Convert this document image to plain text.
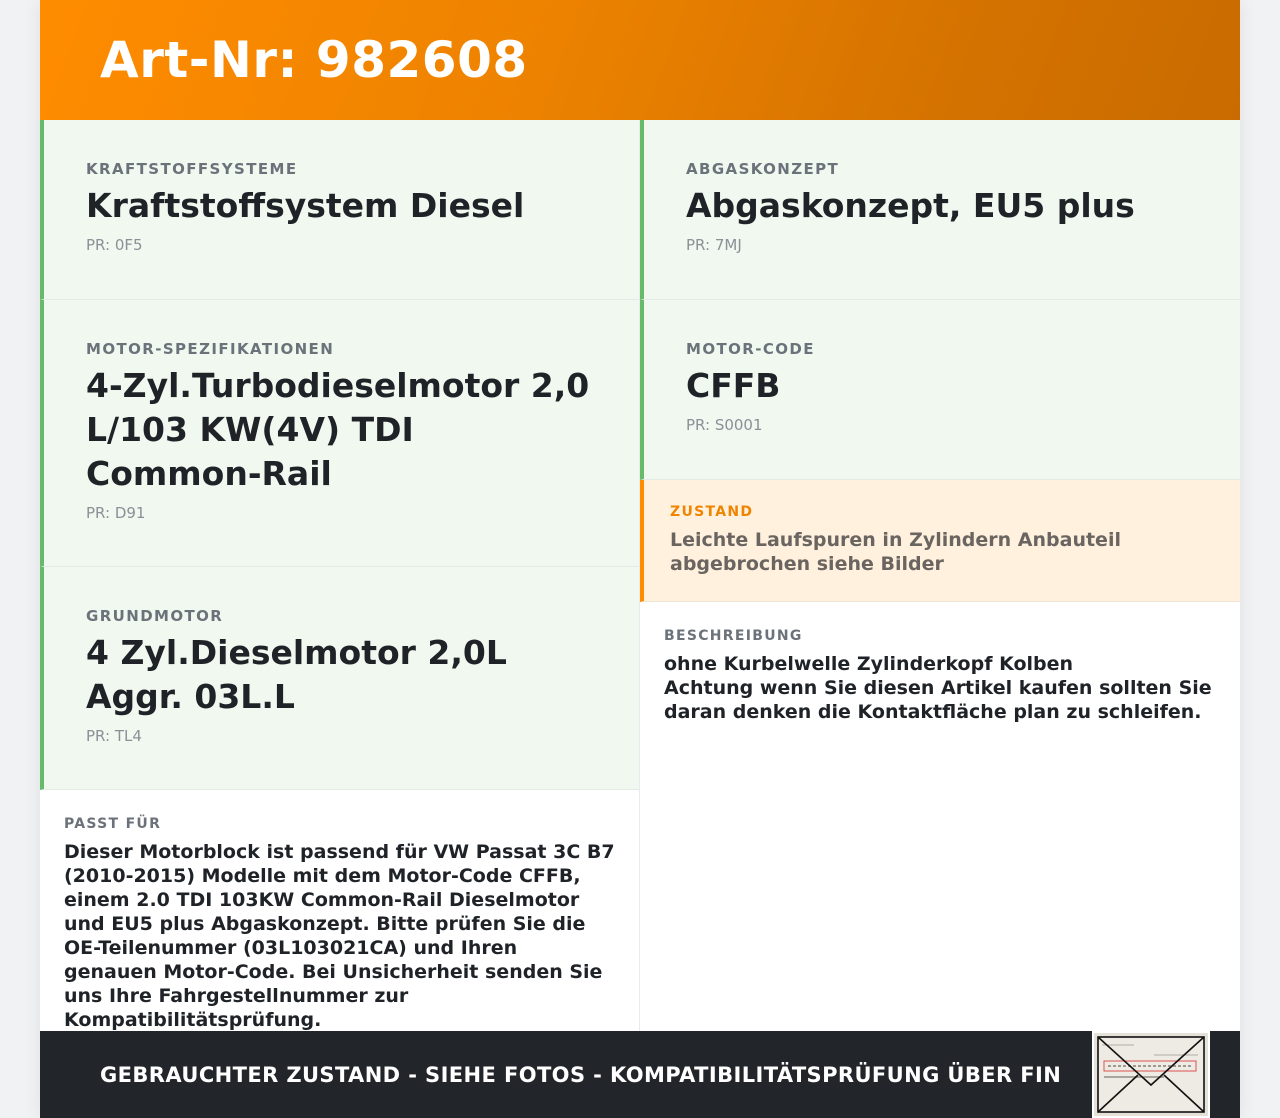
Art-Nr: 982608
KRAFTSTOFFSYSTEME
Kraftstoffsystem Diesel
PR: 0F5
MOTOR-SPEZIFIKATIONEN
4-Zyl.Turbodieselmotor 2,0 L/103 KW(4V) TDI Common-Rail
PR: D91
GRUNDMOTOR
4 Zyl.Dieselmotor 2,0L Aggr. 03L.L
PR: TL4
PASST FÜR
Dieser Motorblock ist passend für VW Passat 3C B7 (2010-2015) Modelle mit dem Motor-Code CFFB, einem 2.0 TDI 103KW Common-Rail Dieselmotor und EU5 plus Abgaskonzept. Bitte prüfen Sie die OE-Teilenummer (03L103021CA) und Ihren genauen Motor-Code. Bei Unsicherheit senden Sie uns Ihre Fahrgestellnummer zur Kompatibilitätsprüfung.
ABGASKONZEPT
Abgaskonzept, EU5 plus
PR: 7MJ
MOTOR-CODE
CFFB
PR: S0001
ZUSTAND
Leichte Laufspuren in Zylindern Anbauteil abgebrochen siehe Bilder
BESCHREIBUNG
ohne Kurbelwelle Zylinderkopf Kolben
Achtung wenn Sie diesen Artikel kaufen sollten Sie daran denken die Kontaktfläche plan zu schleifen.
GEBRAUCHTER ZUSTAND - SIEHE FOTOS - KOMPATIBILITÄTSPRÜFUNG ÜBER FIN
